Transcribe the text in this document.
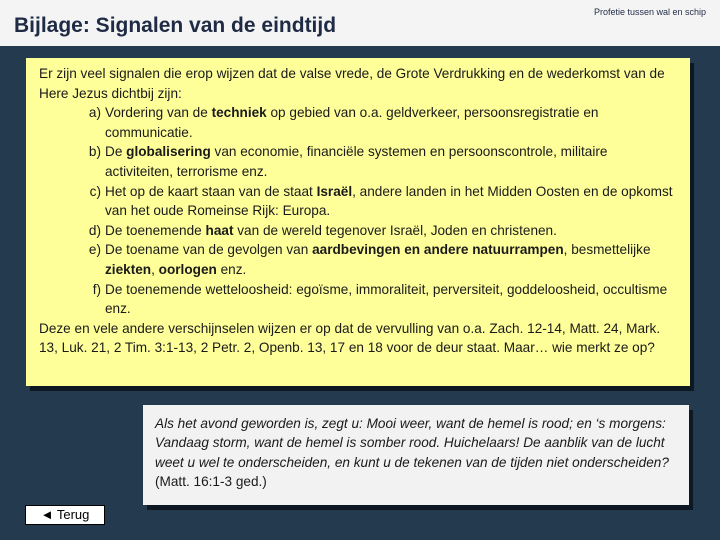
Bijlage: Signalen van de eindtijd
Profetie tussen wal en schip

Er zijn veel signalen die erop wijzen dat de valse vrede, de Grote Verdrukking en de wederkomst van de Here Jezus dichtbij zijn:

a) Vordering van de techniek op gebied van o.a. geldverkeer, persoonsregistratie en communicatie.
b) De globalisering van economie, financiële systemen en persoonscontrole, militaire activiteiten, terrorisme enz.
c) Het op de kaart staan van de staat Israël, andere landen in het Midden Oosten en de opkomst van het oude Romeinse Rijk: Europa.
d) De toenemende haat van de wereld tegenover Israël, Joden en christenen.
e) De toename van de gevolgen van aardbevingen en andere natuurrampen, besmettelijke ziekten, oorlogen enz.
f) De toenemende wetteloosheid: egoïsme, immoraliteit, perversiteit, goddeloosheid, occultisme enz.

Deze en vele andere verschijnselen wijzen er op dat de vervulling van o.a. Zach. 12-14, Matt. 24, Mark. 13, Luk. 21, 2 Tim. 3:1-13, 2 Petr. 2, Openb. 13, 17 en 18 voor de deur staat. Maar… wie merkt ze op?

Als het avond geworden is, zegt u: Mooi weer, want de hemel is rood; en ‘s morgens: Vandaag storm, want de hemel is somber rood. Huichelaars! De aanblik van de lucht weet u wel te onderscheiden, en kunt u de tekenen van de tijden niet onderscheiden? (Matt. 16:1-3 ged.)
◄ Terug
